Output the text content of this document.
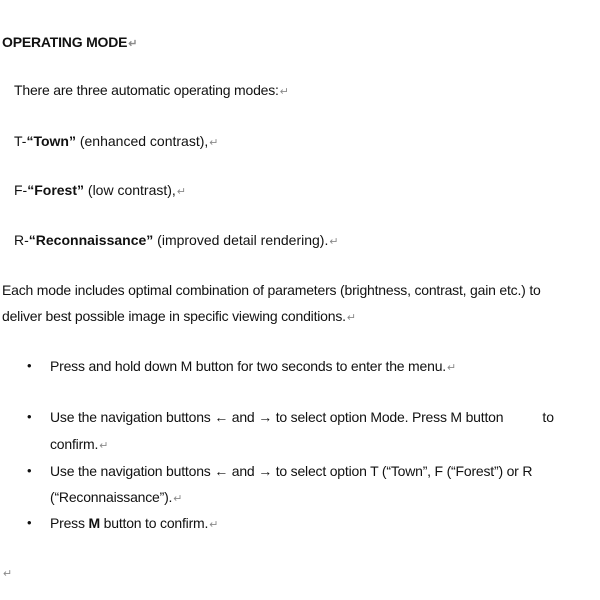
OPERATING MODE↵
There are three automatic operating modes:↵
T-“Town” (enhanced contrast),↵
F-“Forest” (low contrast),↵
R-“Reconnaissance” (improved detail rendering).↵
Each mode includes optimal combination of parameters (brightness, contrast, gain etc.) to
deliver best possible image in specific viewing conditions.↵
• Press and hold down M button for two seconds to enter the menu.↵
• Use the navigation buttons ← and → to select option Mode. Press M button	to
confirm.↵
• Use the navigation buttons ← and → to select option T (“Town”, F (“Forest”) or R
(“Reconnaissance”).↵
• Press M button to confirm.↵
↵
